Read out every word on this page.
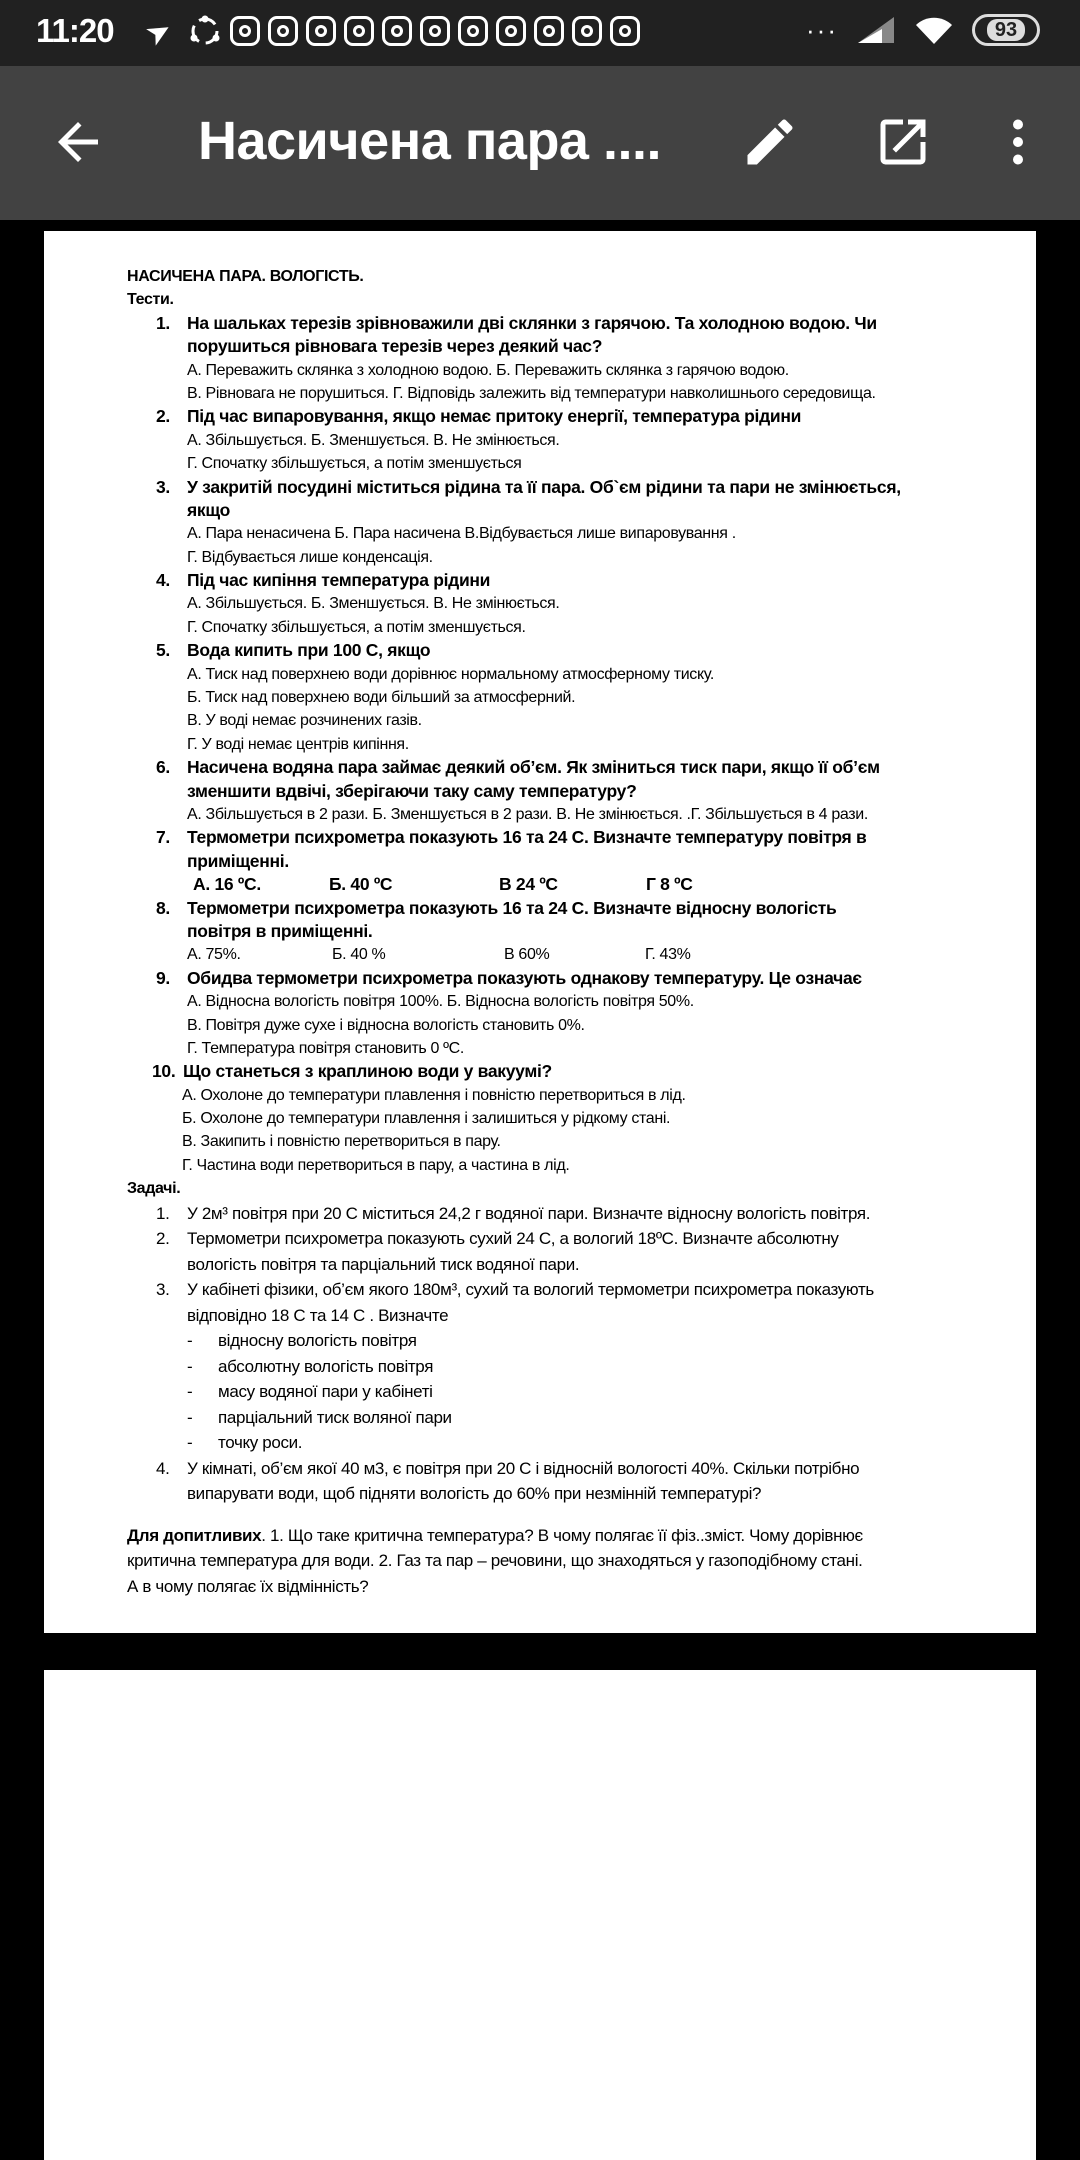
11:20 ➤	···	93
Насичена пара ....
НАСИЧЕНА ПАРА. ВОЛОГІСТЬ.
Тести.
1. На шальках терезів зрівноважили дві склянки з гарячою. Та холодною водою. Чи
порушиться рівновага терезів через деякий час?
А. Переважить склянка з холодною водою. Б. Переважить склянка з гарячою водою.
В. Рівновага не порушиться. Г. Відповідь залежить від температури навколишнього середовища.
2. Під час випаровування, якщо немає притоку енергії, температура рідини
А. Збільшується. Б. Зменшується. В. Не змінюється.
Г. Спочатку збільшується, а потім зменшується
3. У закритій посудині міститься рідина та її пара. Об`єм рідини та пари не змінюється,
якщо
А. Пара ненасичена Б. Пара насичена В.Відбувається лише випаровування .
Г. Відбувається лише конденсація.
4. Під час кипіння температура рідини
А. Збільшується. Б. Зменшується. В. Не змінюється.
Г. Спочатку збільшується, а потім зменшується.
5. Вода кипить при 100 С, якщо
А. Тиск над поверхнею води дорівнює нормальному атмосферному тиску.
Б. Тиск над поверхнею води більший за атмосферний.
В. У воді немає розчинених газів.
Г. У воді немає центрів кипіння.
6. Насичена водяна пара займає деякий об’єм. Як зміниться тиск пари, якщо її об’єм
зменшити вдвічі, зберігаючи таку саму температуру?
А. Збільшується в 2 рази. Б. Зменшується в 2 рази. В. Не змінюється. .Г. Збільшується в 4 рази.
7. Термометри психрометра показують 16 та 24 С. Визначте температуру повітря в
приміщенні.
А. 16 ºС.	Б. 40 ºС	В 24 ºС	Г 8 ºС
8. Термометри психрометра показують 16 та 24 С. Визначте відносну вологість
повітря в приміщенні.
А. 75%.	Б. 40 %	В 60%	Г. 43%
9. Обидва термометри психрометра показують однакову температуру. Це означає
А. Відносна вологість повітря 100%. Б. Відносна вологість повітря 50%.
В. Повітря дуже сухе і відносна вологість становить 0%.
Г. Температура повітря становить 0 ºС.
10. Що станеться з краплиною води у вакуумі?
А. Охолоне до температури плавлення і повністю перетвориться в лід.
Б. Охолоне до температури плавлення і залишиться у рідкому стані.
В. Закипить і повністю перетвориться в пару.
Г. Частина води перетвориться в пару, а частина в лід.
Задачі.
1. У 2м³ повітря при 20 С міститься 24,2 г водяної пари. Визначте відносну вологість повітря.
2. Термометри психрометра показують сухий 24 С, а вологий 18ºС. Визначте абсолютну
вологість повітря та парціальний тиск водяної пари.
3. У кабінеті фізики, об’єм якого 180м³, сухий та вологий термометри психрометра показують
відповідно 18 С та 14 С . Визначте
- відносну вологість повітря
- абсолютну вологість повітря
- масу водяної пари у кабінеті
- парціальний тиск воляної пари
- точку роси.
4. У кімнаті, об’єм якої 40 м3, є повітря при 20 С і відносній вологості 40%. Скільки потрібно
випарувати води, щоб підняти вологість до 60% при незмінній температурі?
Для допитливих. 1. Що таке критична температура? В чому полягає її фіз..зміст. Чому дорівнює
критична температура для води. 2. Газ та пар – речовини, що знаходяться у газоподібному стані.
А в чому полягає їх відмінність?
